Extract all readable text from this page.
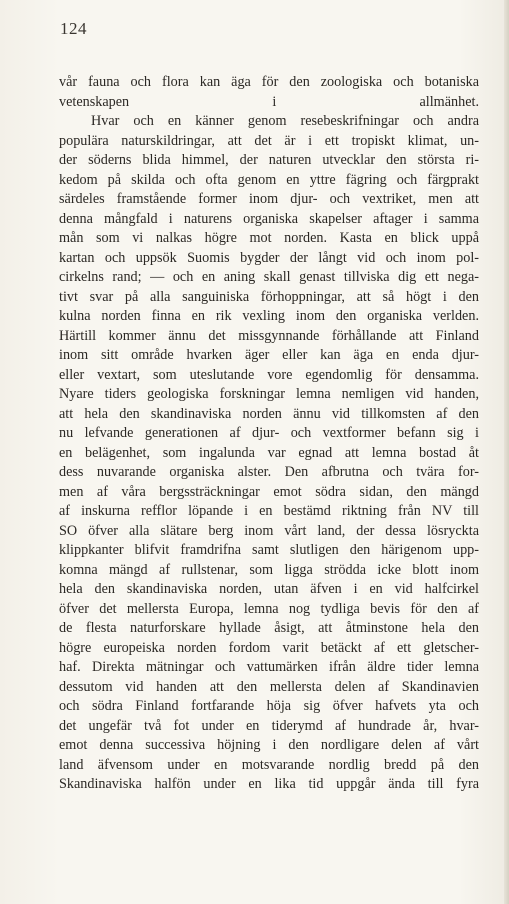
124
vår fauna och flora kan äga för den zoologiska och botaniska
vetenskapen i allmänhet.
Hvar och en känner genom resebeskrifningar och andra
populära naturskildringar, att det är i ett tropiskt klimat, un-
der söderns blida himmel, der naturen utvecklar den största ri-
kedom på skilda och ofta genom en yttre fägring och färgprakt
särdeles framstående former inom djur- och vextriket, men att
denna mångfald i naturens organiska skapelser aftager i samma
mån som vi nalkas högre mot norden. Kasta en blick uppå
kartan och uppsök Suomis bygder der långt vid och inom pol-
cirkelns rand; — och en aning skall genast tillviska dig ett nega-
tivt svar på alla sanguiniska förhoppningar, att så högt i den
kulna norden finna en rik vexling inom den organiska verlden.
Härtill kommer ännu det missgynnande förhållande att Finland
inom sitt område hvarken äger eller kan äga en enda djur-
eller vextart, som uteslutande vore egendomlig för densamma.
Nyare tiders geologiska forskningar lemna nemligen vid handen,
att hela den skandinaviska norden ännu vid tillkomsten af den
nu lefvande generationen af djur- och vextformer befann sig i
en belägenhet, som ingalunda var egnad att lemna bostad åt
dess nuvarande organiska alster. Den afbrutna och tvära for-
men af våra bergssträckningar emot södra sidan, den mängd
af inskurna refflor löpande i en bestämd riktning från NV till
SO öfver alla slätare berg inom vårt land, der dessa lösryckta
klippkanter blifvit framdrifna samt slutligen den härigenom upp-
komna mängd af rullstenar, som ligga strödda icke blott inom
hela den skandinaviska norden, utan äfven i en vid halfcirkel
öfver det mellersta Europa, lemna nog tydliga bevis för den af
de flesta naturforskare hyllade åsigt, att åtminstone hela den
högre europeiska norden fordom varit betäckt af ett gletscher-
haf. Direkta mätningar och vattumärken ifrån äldre tider lemna
dessutom vid handen att den mellersta delen af Skandinavien
och södra Finland fortfarande höja sig öfver hafvets yta och
det ungefär två fot under en tiderymd af hundrade år, hvar-
emot denna successiva höjning i den nordligare delen af vårt
land äfvensom under en motsvarande nordlig bredd på den
Skandinaviska halfön under en lika tid uppgår ända till fyra
